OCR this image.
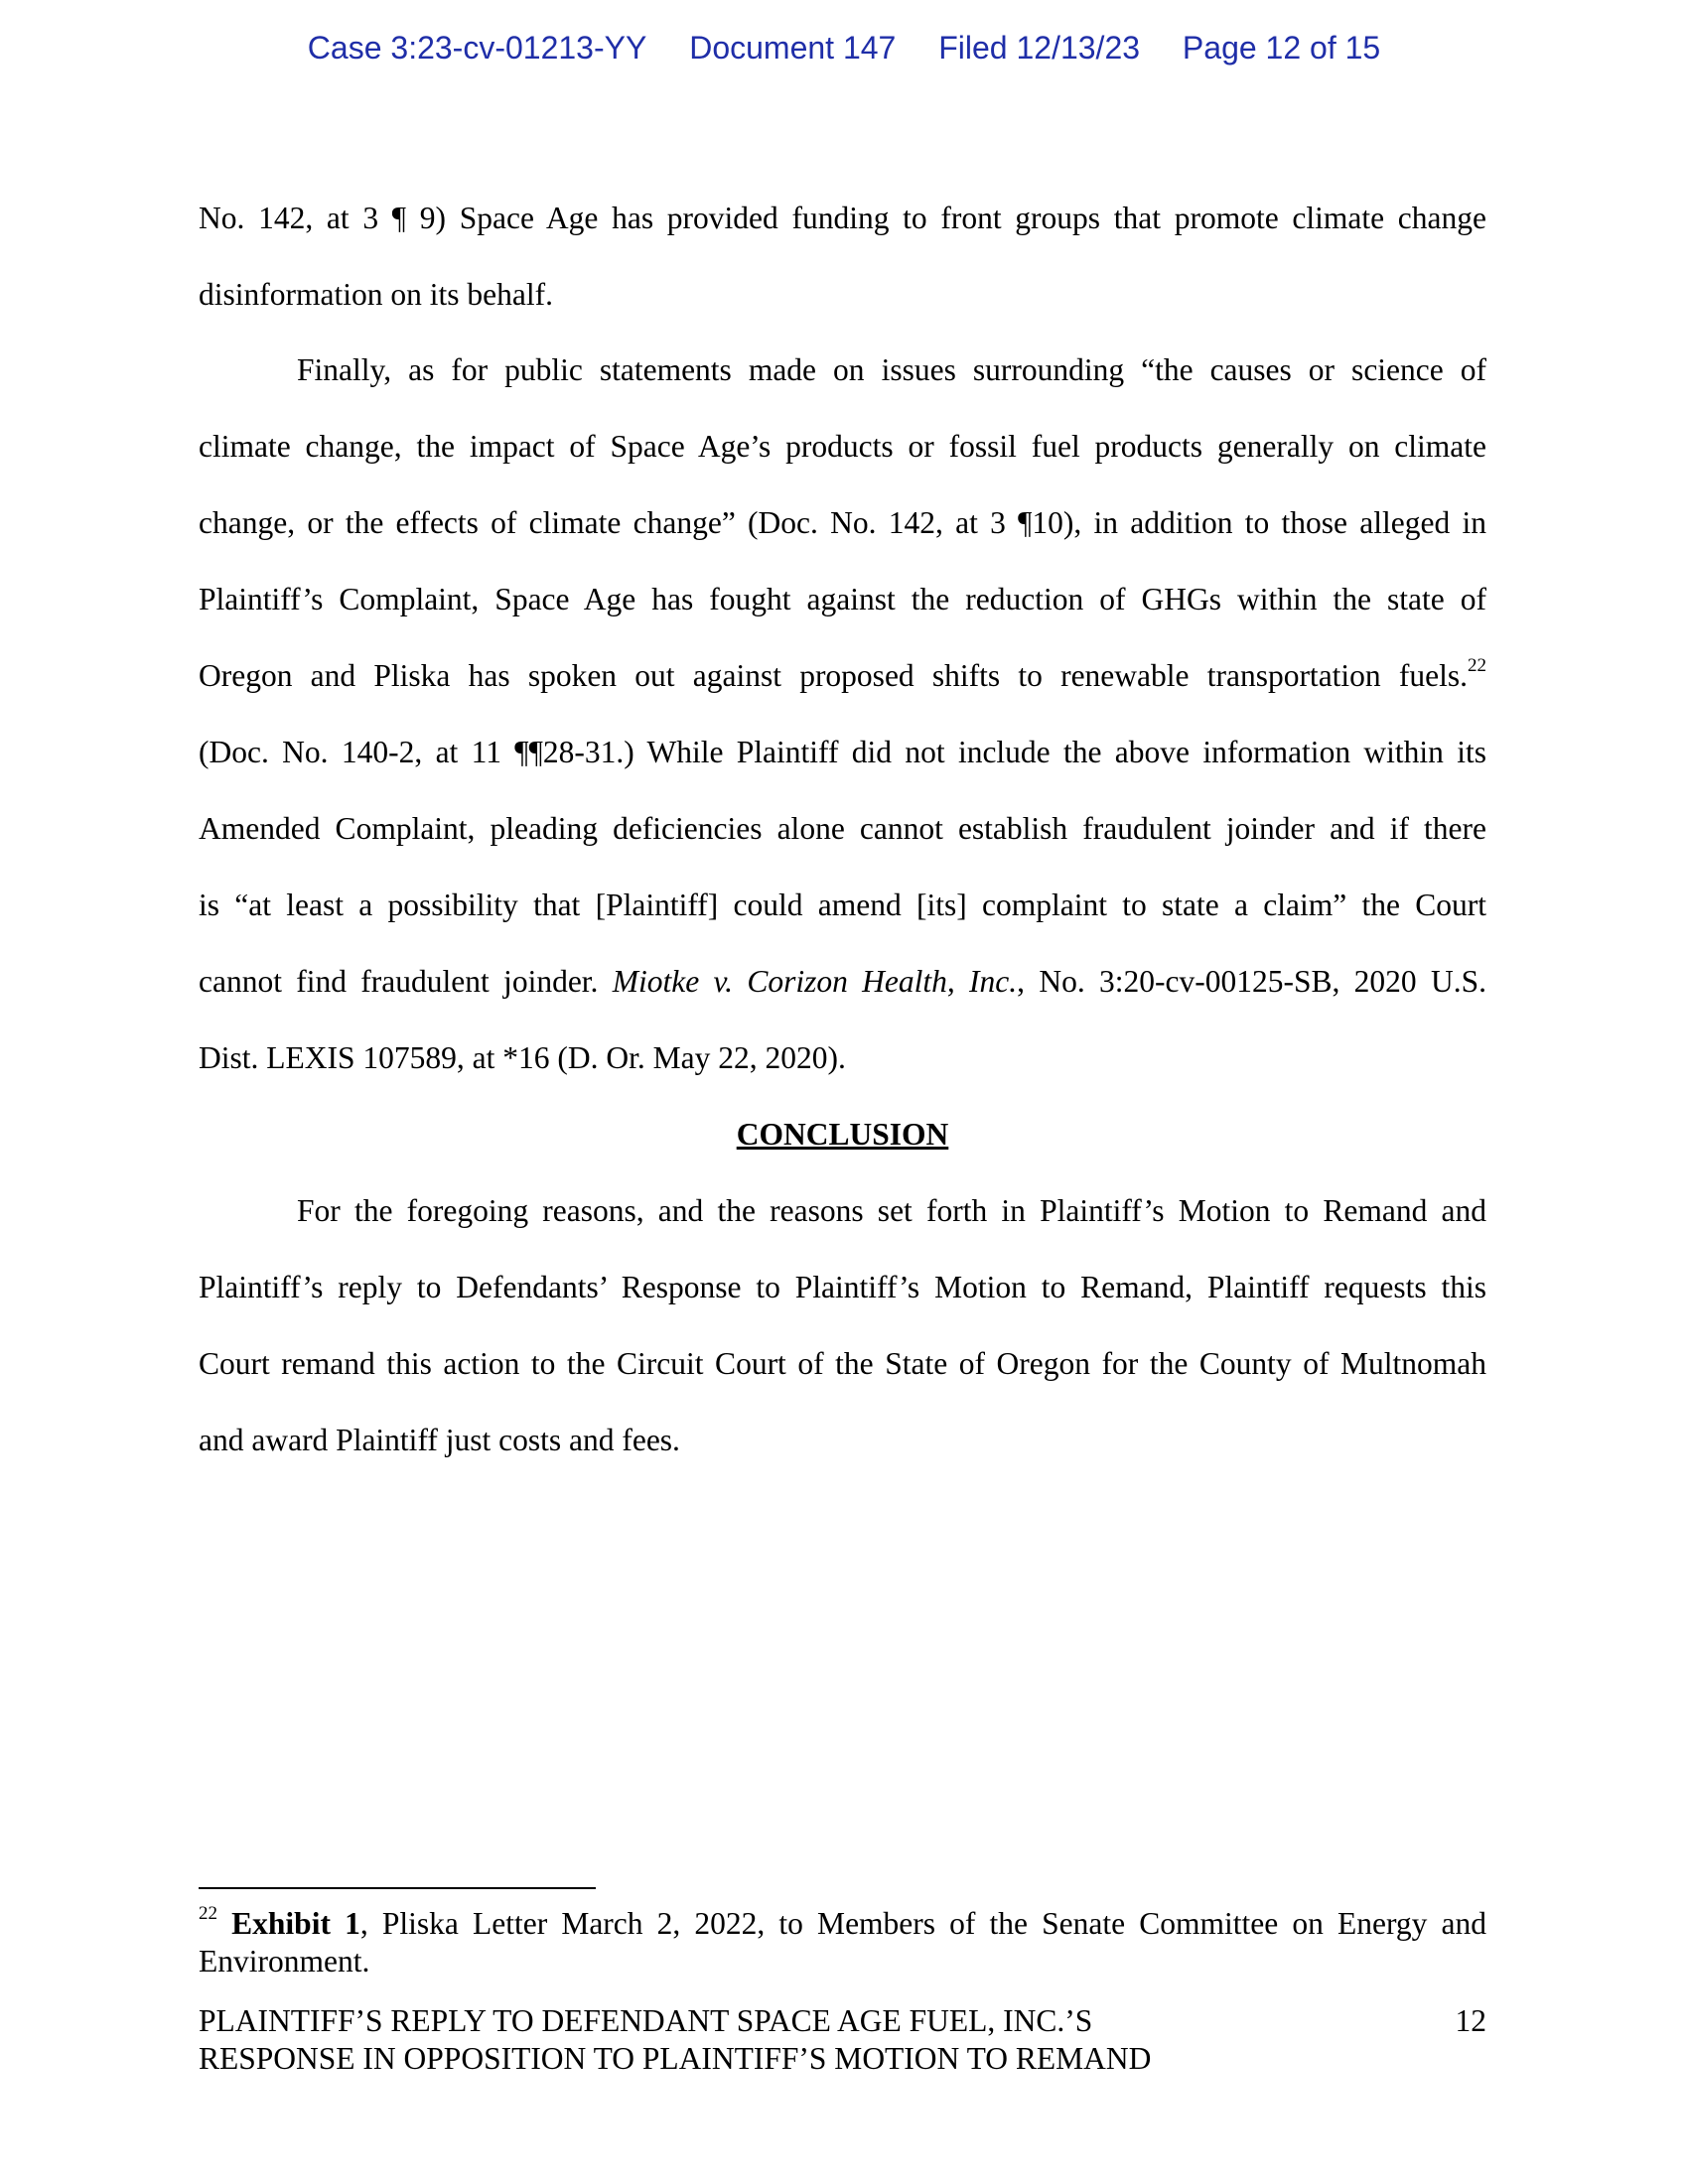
Case 3:23-cv-01213-YY Document 147 Filed 12/13/23 Page 12 of 15
No. 142, at 3 ¶ 9) Space Age has provided funding to front groups that promote climate change
disinformation on its behalf.
Finally, as for public statements made on issues surrounding “the causes or science of
climate change, the impact of Space Age’s products or fossil fuel products generally on climate
change, or the effects of climate change” (Doc. No. 142, at 3 ¶10), in addition to those alleged in
Plaintiff’s Complaint, Space Age has fought against the reduction of GHGs within the state of
Oregon and Pliska has spoken out against proposed shifts to renewable transportation fuels.$^{22}$
(Doc. No. 140-2, at 11 ¶¶28-31.) While Plaintiff did not include the above information within its
Amended Complaint, pleading deficiencies alone cannot establish fraudulent joinder and if there
is “at least a possibility that [Plaintiff] could amend [its] complaint to state a claim” the Court
cannot find fraudulent joinder. Miotke v. Corizon Health, Inc., No. 3:20-cv-00125-SB, 2020 U.S.
Dist. LEXIS 107589, at *16 (D. Or. May 22, 2020).
CONCLUSION
For the foregoing reasons, and the reasons set forth in Plaintiff’s Motion to Remand and
Plaintiff’s reply to Defendants’ Response to Plaintiff’s Motion to Remand, Plaintiff requests this
Court remand this action to the Circuit Court of the State of Oregon for the County of Multnomah
and award Plaintiff just costs and fees.
$^{22}$ Exhibit 1, Pliska Letter March 2, 2022, to Members of the Senate Committee on Energy and
Environment.
PLAINTIFF’S REPLY TO DEFENDANT SPACE AGE FUEL, INC.’S
RESPONSE IN OPPOSITION TO PLAINTIFF’S MOTION TO REMAND
12
